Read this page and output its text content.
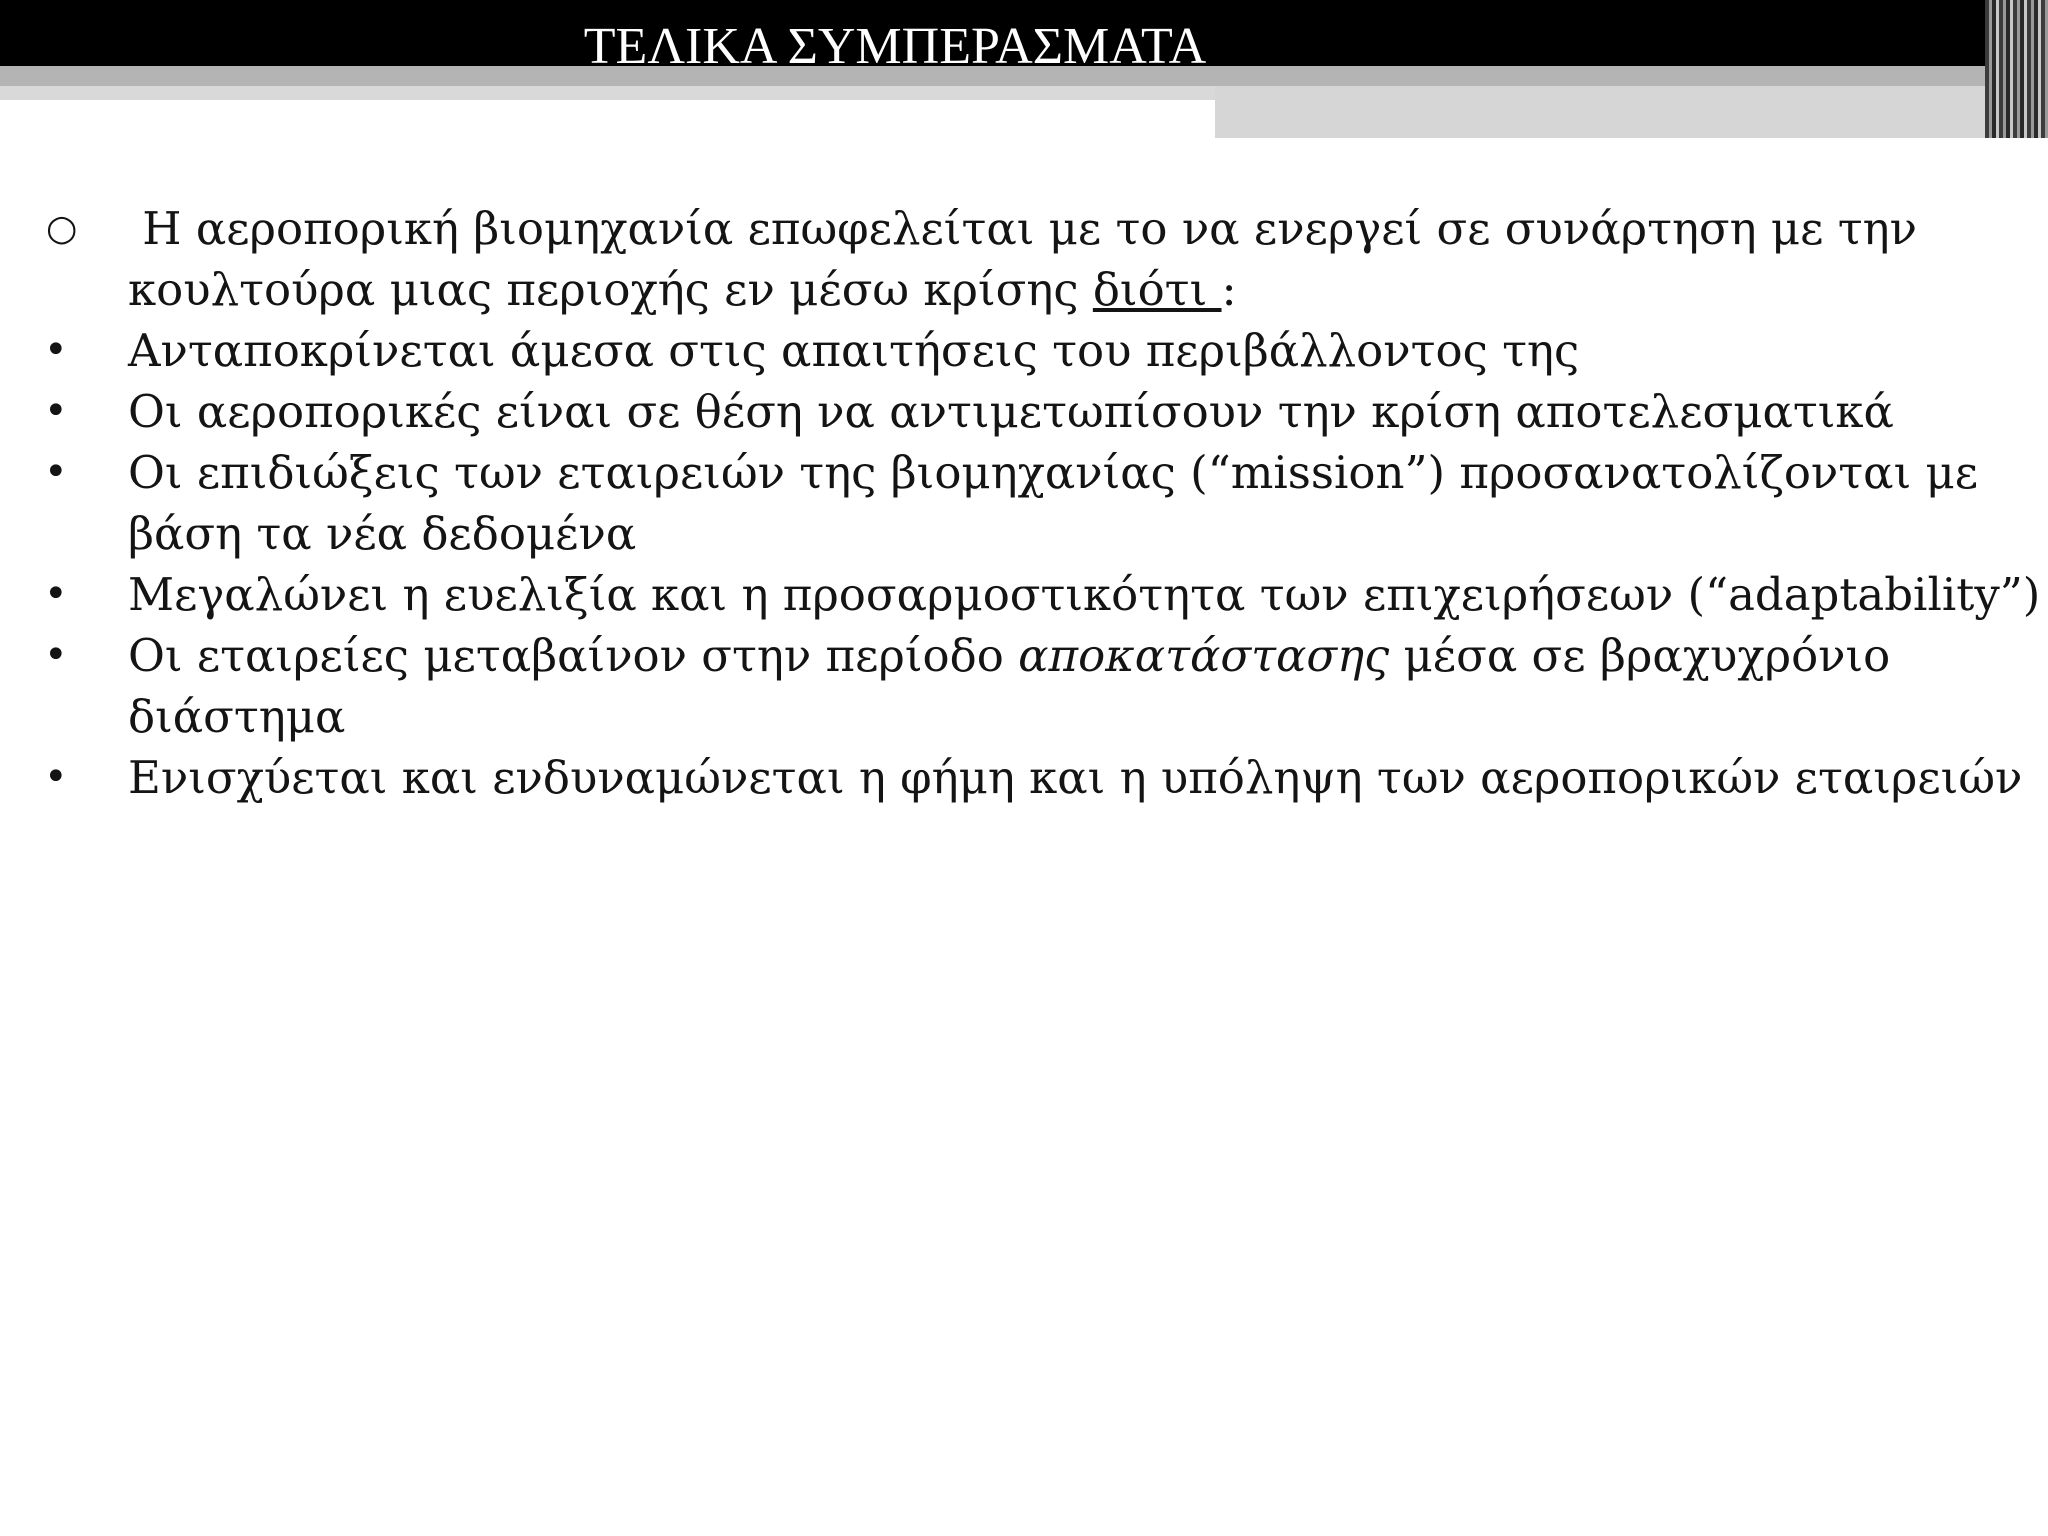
ΤΕΛΙΚΑ ΣΥΜΠΕΡΑΣΜΑΤΑ
○ Η αεροπορική βιομηχανία επωφελείται με το να ενεργεί σε συνάρτηση με την
κουλτούρα μιας περιοχής εν μέσω κρίσης διότι :
•	Ανταποκρίνεται άμεσα στις απαιτήσεις του περιβάλλοντος της
•	Οι αεροπορικές είναι σε θέση να αντιμετωπίσουν την κρίση αποτελεσματικά
•	Οι επιδιώξεις των εταιρειών της βιομηχανίας (“mission”) προσανατολίζονται με
βάση τα νέα δεδομένα
•	Μεγαλώνει η ευελιξία και η προσαρμοστικότητα των επιχειρήσεων (“adaptability”)
•	Οι εταιρείες μεταβαίνον στην περίοδο αποκατάστασης μέσα σε βραχυχρόνιο
διάστημα
•	Ενισχύεται και ενδυναμώνεται η φήμη και η υπόληψη των αεροπορικών εταιρειών
